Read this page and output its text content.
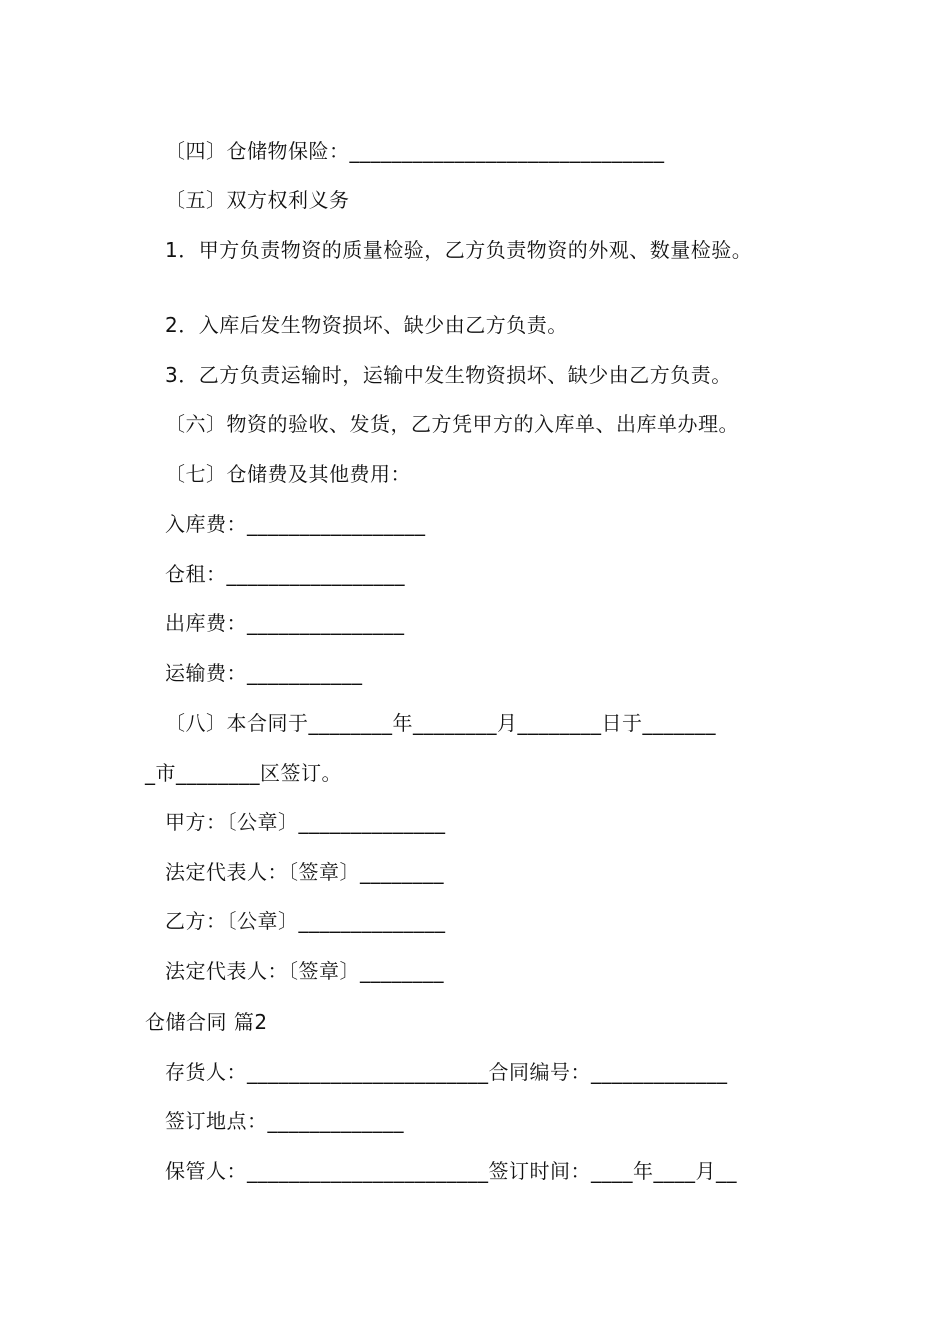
〔四〕仓储物保险：______________________________
〔五〕双方权利义务
1．甲方负责物资的质量检验，乙方负责物资的外观、数量检验。
2．入库后发生物资损坏、缺少由乙方负责。
3．乙方负责运输时，运输中发生物资损坏、缺少由乙方负责。
〔六〕物资的验收、发货，乙方凭甲方的入库单、出库单办理。
〔七〕仓储费及其他费用：
入库费：_________________
仓租：_________________
出库费：_______________
运输费：___________
〔八〕本合同于________年________月________日于_______
_市________区签订。
甲方：〔公章〕______________
法定代表人：〔签章〕________
乙方：〔公章〕______________
法定代表人：〔签章〕________
仓储合同 篇2
存货人：_______________________合同编号：_____________
签订地点：_____________
保管人：_______________________签订时间：____年____月__
